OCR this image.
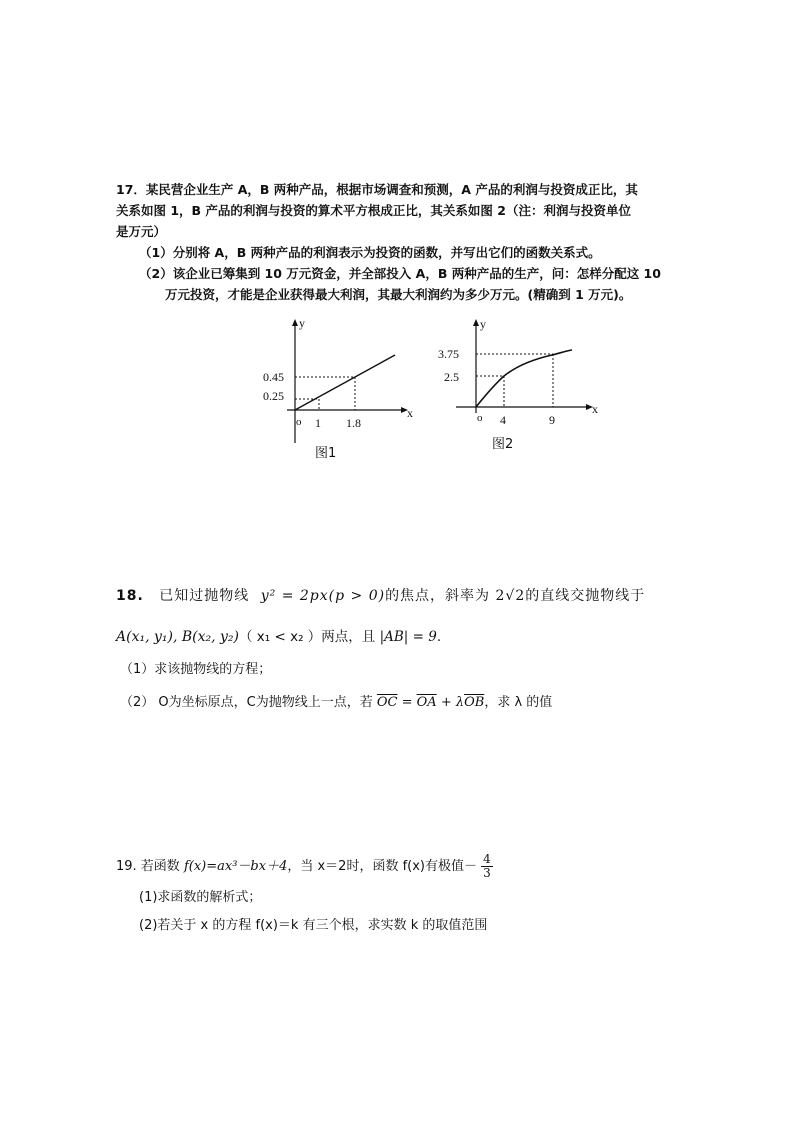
17．某民营企业生产 A，B 两种产品，根据市场调查和预测，A 产品的利润与投资成正比，其
关系如图 1，B 产品的利润与投资的算术平方根成正比，其关系如图 2（注：利润与投资单位
是万元）
（1）分别将 A，B 两种产品的利润表示为投资的函数，并写出它们的函数关系式。
（2）该企业已筹集到 10 万元资金，并全部投入 A，B 两种产品的生产，问：怎样分配这 10
万元投资，才能是企业获得最大利润，其最大利润约为多少万元。(精确到 1 万元)。
y
x
o
0.45
0.25
1 1.8
图1
y
x
o
3.75
2.5
4	9
图2
18. 已知过抛物线 y² = 2px(p > 0)的焦点，斜率为 2√2的直线交抛物线于
A(x₁, y₁), B(x₂, y₂)（ x₁ < x₂ ）两点，且 |AB| = 9.
（1）求该抛物线的方程；
（2） O为坐标原点，C为抛物线上一点，若 $\overline{OC} = \overline{OA} + \lambda\overline{OB}$，求 λ 的值
19. 若函数 f(x)=ax³－bx＋4，当 x＝2时，函数 f(x)有极值－ $\frac{4}{3}$
(1)求函数的解析式；
(2)若关于 x 的方程 f(x)＝k 有三个根，求实数 k 的取值范围
